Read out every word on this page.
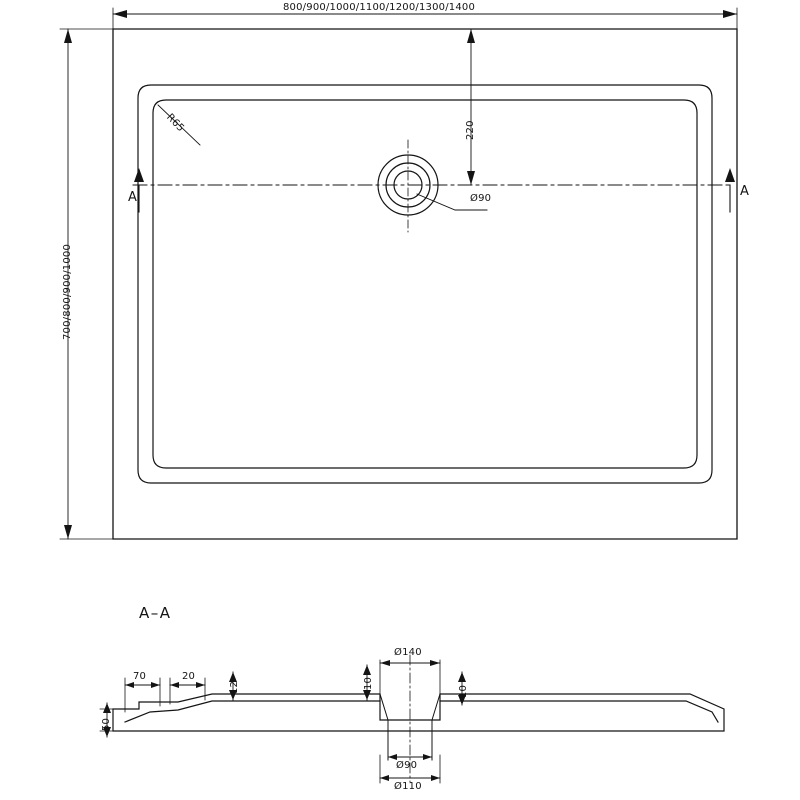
800/900/1000/1100/1200/1300/1400
700/800/900/1000
R65	220
Ø90
A	A
A–A
70	20
12	10
10
50
Ø140
Ø90
Ø110
